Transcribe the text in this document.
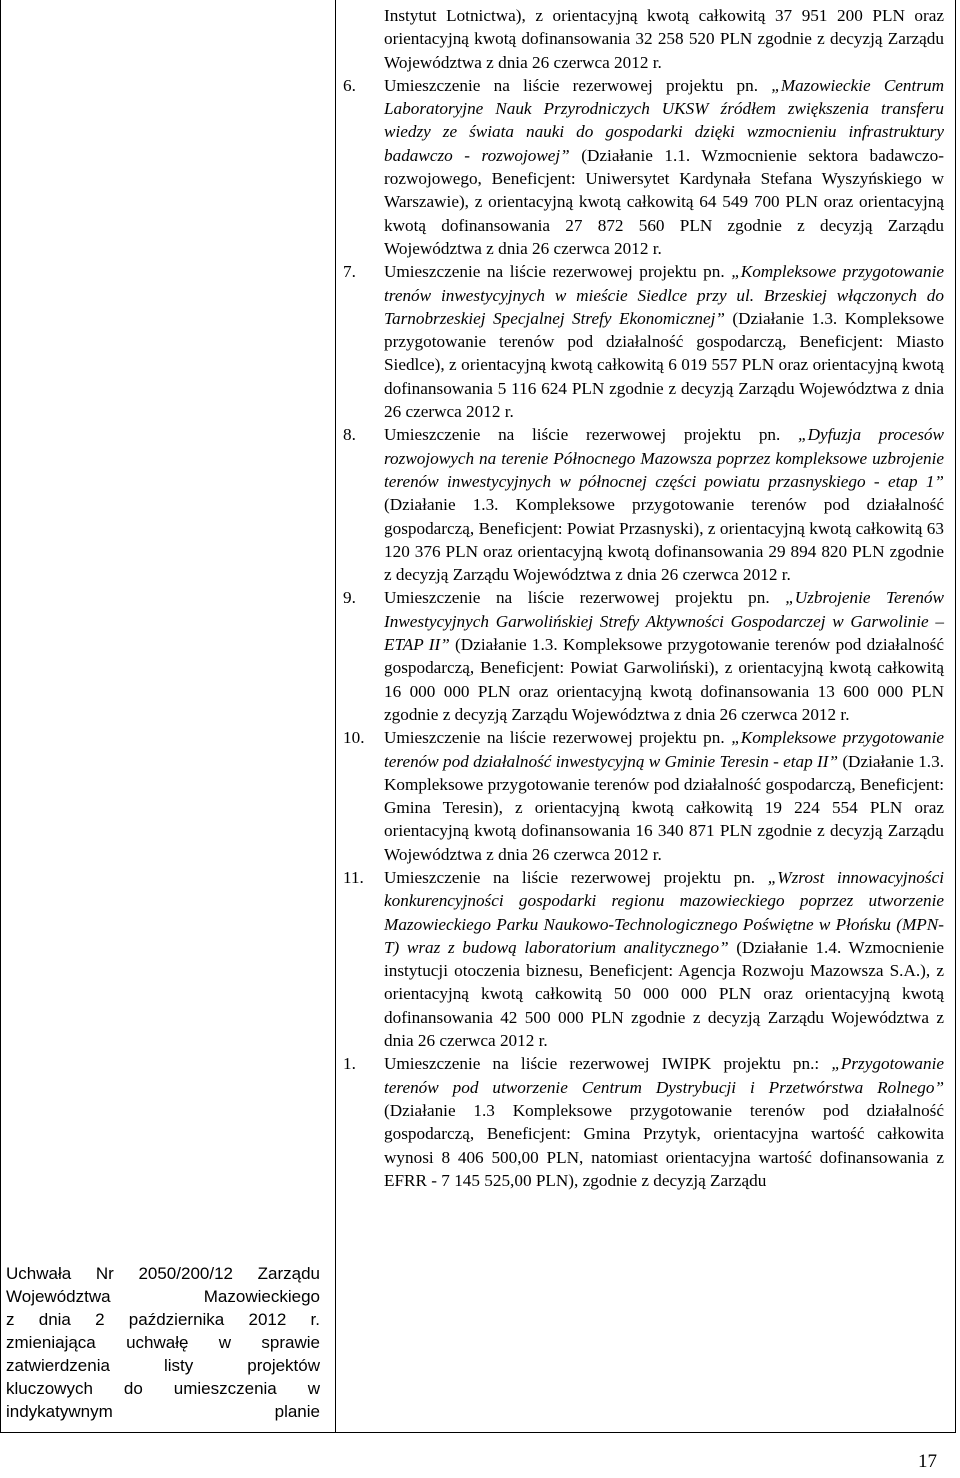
Uchwała Nr 2050/200/12 Zarządu

Województwa Mazowieckiego

z dnia 2 października 2012 r.

zmieniająca uchwałę w sprawie

zatwierdzenia listy projektów

kluczowych do umieszczenia w

indykatywnym planie

Instytut Lotnictwa), z orientacyjną kwotą całkowitą 37 951 200 PLN oraz orientacyjną kwotą dofinansowania 32 258 520 PLN zgodnie z decyzją Zarządu Województwa z dnia 26 czerwca 2012 r.

6. Umieszczenie na liście rezerwowej projektu pn. „Mazowieckie Centrum Laboratoryjne Nauk Przyrodniczych UKSW źródłem zwiększenia transferu wiedzy ze świata nauki do gospodarki dzięki wzmocnieniu infrastruktury badawczo - rozwojowej” (Działanie 1.1. Wzmocnienie sektora badawczo-rozwojowego, Beneficjent: Uniwersytet Kardynała Stefana Wyszyńskiego w Warszawie), z orientacyjną kwotą całkowitą 64 549 700 PLN oraz orientacyjną kwotą dofinansowania 27 872 560 PLN zgodnie z decyzją Zarządu Województwa z dnia 26 czerwca 2012 r.

7. Umieszczenie na liście rezerwowej projektu pn. „Kompleksowe przygotowanie trenów inwestycyjnych w mieście Siedlce przy ul. Brzeskiej włączonych do Tarnobrzeskiej Specjalnej Strefy Ekonomicznej” (Działanie 1.3. Kompleksowe przygotowanie terenów pod działalność gospodarczą, Beneficjent: Miasto Siedlce), z orientacyjną kwotą całkowitą 6 019 557 PLN oraz orientacyjną kwotą dofinansowania 5 116 624 PLN zgodnie z decyzją Zarządu Województwa z dnia 26 czerwca 2012 r.

8. Umieszczenie na liście rezerwowej projektu pn. „Dyfuzja procesów rozwojowych na terenie Północnego Mazowsza poprzez kompleksowe uzbrojenie terenów inwestycyjnych w północnej części powiatu przasnyskiego - etap 1” (Działanie 1.3. Kompleksowe przygotowanie terenów pod działalność gospodarczą, Beneficjent: Powiat Przasnyski), z orientacyjną kwotą całkowitą 63 120 376 PLN oraz orientacyjną kwotą dofinansowania 29 894 820 PLN zgodnie z decyzją Zarządu Województwa z dnia 26 czerwca 2012 r.

9. Umieszczenie na liście rezerwowej projektu pn. „Uzbrojenie Terenów Inwestycyjnych Garwolińskiej Strefy Aktywności Gospodarczej w Garwolinie – ETAP II” (Działanie 1.3. Kompleksowe przygotowanie terenów pod działalność gospodarczą, Beneficjent: Powiat Garwoliński), z orientacyjną kwotą całkowitą 16 000 000 PLN oraz orientacyjną kwotą dofinansowania 13 600 000 PLN zgodnie z decyzją Zarządu Województwa z dnia 26 czerwca 2012 r.

10. Umieszczenie na liście rezerwowej projektu pn. „Kompleksowe przygotowanie terenów pod działalność inwestycyjną w Gminie Teresin - etap II” (Działanie 1.3. Kompleksowe przygotowanie terenów pod działalność gospodarczą, Beneficjent: Gmina Teresin), z orientacyjną kwotą całkowitą 19 224 554 PLN oraz orientacyjną kwotą dofinansowania 16 340 871 PLN zgodnie z decyzją Zarządu Województwa z dnia 26 czerwca 2012 r.

11. Umieszczenie na liście rezerwowej projektu pn. „Wzrost innowacyjności konkurencyjności gospodarki regionu mazowieckiego poprzez utworzenie Mazowieckiego Parku Naukowo-Technologicznego Poświętne w Płońsku (MPN-T) wraz z budową laboratorium analitycznego” (Działanie 1.4. Wzmocnienie instytucji otoczenia biznesu, Beneficjent: Agencja Rozwoju Mazowsza S.A.), z orientacyjną kwotą całkowitą 50 000 000 PLN oraz orientacyjną kwotą dofinansowania 42 500 000 PLN zgodnie z decyzją Zarządu Województwa z dnia 26 czerwca 2012 r.

1. Umieszczenie na liście rezerwowej IWIPK projektu pn.: „Przygotowanie terenów pod utworzenie Centrum Dystrybucji i Przetwórstwa Rolnego” (Działanie 1.3 Kompleksowe przygotowanie terenów pod działalność gospodarczą, Beneficjent: Gmina Przytyk, orientacyjna wartość całkowita wynosi 8 406 500,00 PLN, natomiast orientacyjna wartość dofinansowania z EFRR - 7 145 525,00 PLN), zgodnie z decyzją Zarządu

17
